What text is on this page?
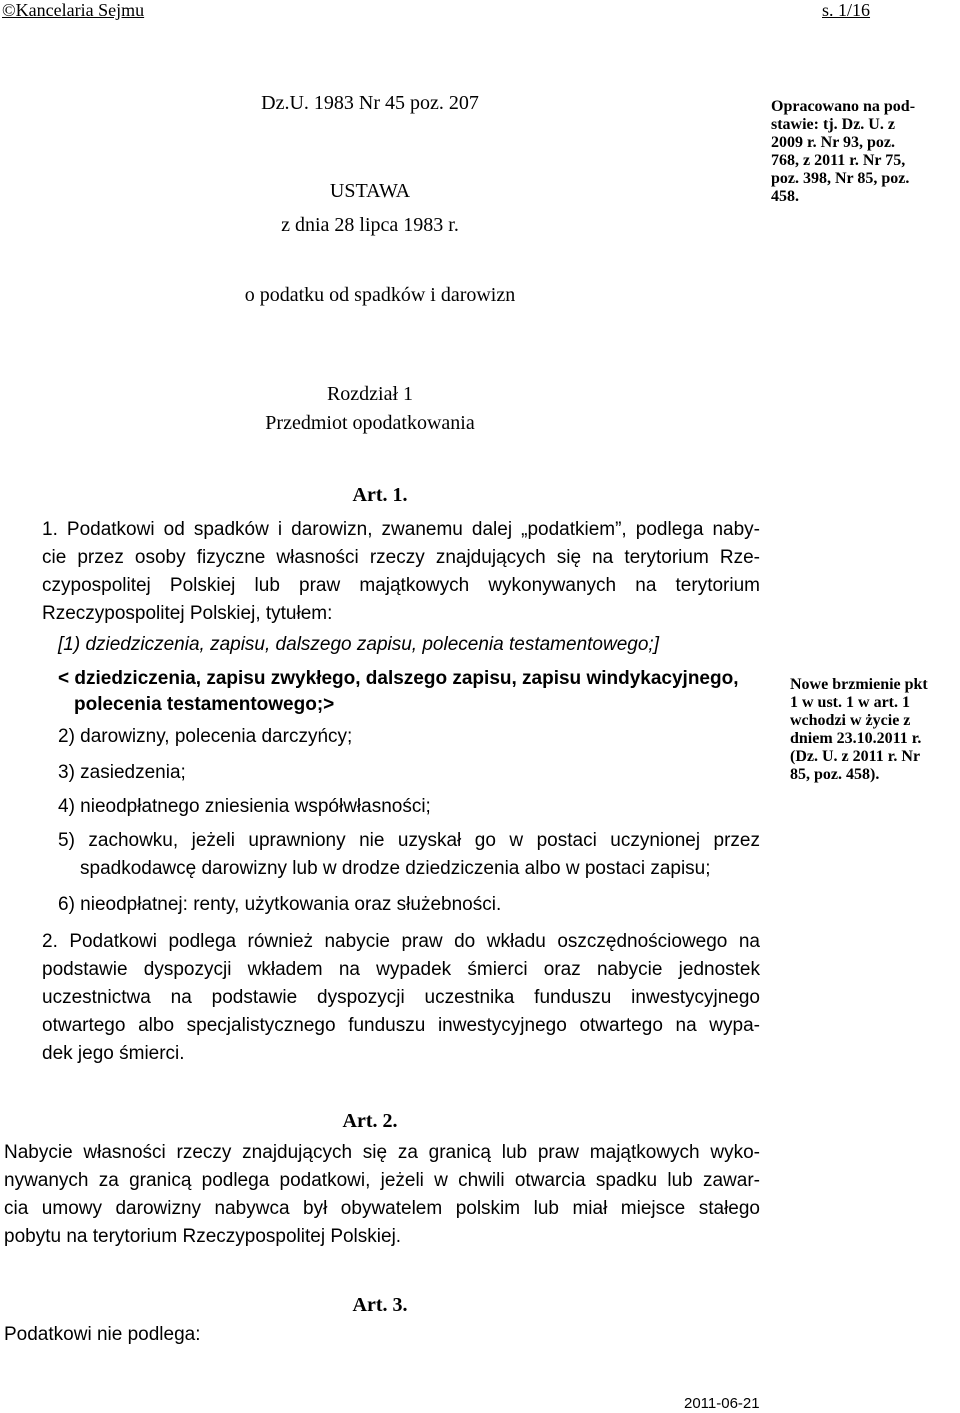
©Kancelaria Sejmu	s. 1/16
Dz.U. 1983 Nr 45 poz. 207
USTAWA
z dnia 28 lipca 1983 r.
o podatku od spadków i darowizn
Rozdział 1
Przedmiot opodatkowania
Opracowano na pod-
stawie: tj. Dz. U. z
2009 r. Nr 93, poz.
768, z 2011 r. Nr 75,
poz. 398, Nr 85, poz.
458.
Art. 1.
1. Podatkowi od spadków i darowizn, zwanemu dalej „podatkiem”, podlega naby-
cie przez osoby fizyczne własności rzeczy znajdujących się na terytorium Rze-
czypospolitej Polskiej lub praw majątkowych wykonywanych na terytorium
Rzeczypospolitej Polskiej, tytułem:
[1) dziedziczenia, zapisu, dalszego zapisu, polecenia testamentowego;]
< dziedziczenia, zapisu zwykłego, dalszego zapisu, zapisu windykacyjnego,
polecenia testamentowego;>
2) darowizny, polecenia darczyńcy;
3) zasiedzenia;
4) nieodpłatnego zniesienia współwłasności;
5) zachowku, jeżeli uprawniony nie uzyskał go w postaci uczynionej przez
spadkodawcę darowizny lub w drodze dziedziczenia albo w postaci zapisu;
6) nieodpłatnej: renty, użytkowania oraz służebności.
2. Podatkowi podlega również nabycie praw do wkładu oszczędnościowego na
podstawie dyspozycji wkładem na wypadek śmierci oraz nabycie jednostek
uczestnictwa na podstawie dyspozycji uczestnika funduszu inwestycyjnego
otwartego albo specjalistycznego funduszu inwestycyjnego otwartego na wypa-
dek jego śmierci.
Nowe brzmienie pkt
1 w ust. 1 w art. 1
wchodzi w życie z
dniem 23.10.2011 r.
(Dz. U. z 2011 r. Nr
85, poz. 458).
Art. 2.
Nabycie własności rzeczy znajdujących się za granicą lub praw majątkowych wyko-
nywanych za granicą podlega podatkowi, jeżeli w chwili otwarcia spadku lub zawar-
cia umowy darowizny nabywca był obywatelem polskim lub miał miejsce stałego
pobytu na terytorium Rzeczypospolitej Polskiej.
Art. 3.
Podatkowi nie podlega:
2011-06-21
